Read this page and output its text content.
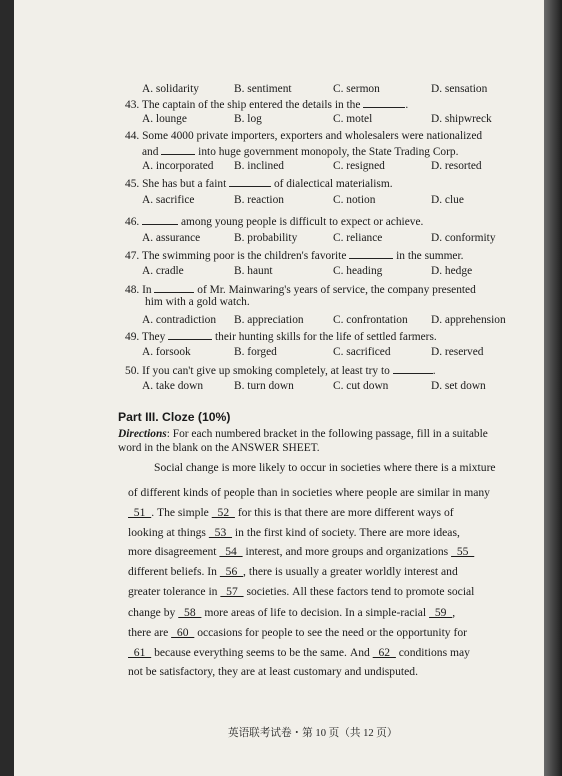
A. solidarity	B. sentiment	C. sermon	D. sensation
43. The captain of the ship entered the details in the	.
A. lounge	B. log	C. motel	D. shipwreck
44. Some 4000 private importers, exporters and wholesalers were nationalized
and	into huge government monopoly, the State Trading Corp.
A. incorporated B. inclined	C. resigned	D. resorted
45. She has but a faint	of dialectical materialism.
A. sacrifice	B. reaction	C. notion	D. clue
46.	among young people is difficult to expect or achieve.
A. assurance	B. probability	C. reliance	D. conformity
47. The swimming poor is the children's favorite	in the summer.
A. cradle	B. haunt	C. heading	D. hedge
48. In	of Mr. Mainwaring's years of service, the company presented
him with a gold watch.
A. contradiction B. appreciation	C. confrontation D. apprehension
49. They	their hunting skills for the life of settled farmers.
A. forsook	B. forged	C. sacrificed	D. reserved
50. If you can't give up smoking completely, at least try to	.
A. take down	B. turn down	C. cut down	D. set down
Part III. Cloze (10%)
Directions: For each numbered bracket in the following passage, fill in a suitable word in the blank on the ANSWER SHEET.
Social change is more likely to occur in societies where there is a mixture
of different kinds of people than in societies where people are similar in many
51  . The simple   52   for this is that there are more different ways of
looking at things   53   in the first kind of society. There are more ideas,
more disagreement   54   interest, and more groups and organizations   55
different beliefs. In   56  , there is usually a greater worldly interest and
greater tolerance in   57   societies. All these factors tend to promote social
change by   58   more areas of life to decision. In a simple-racial   59  ,
there are   60   occasions for people to see the need or the opportunity for
61   because everything seems to be the same. And   62   conditions may
not be satisfactory, they are at least customary and undisputed.
英语联考试卷・第 10 页（共 12 页）
